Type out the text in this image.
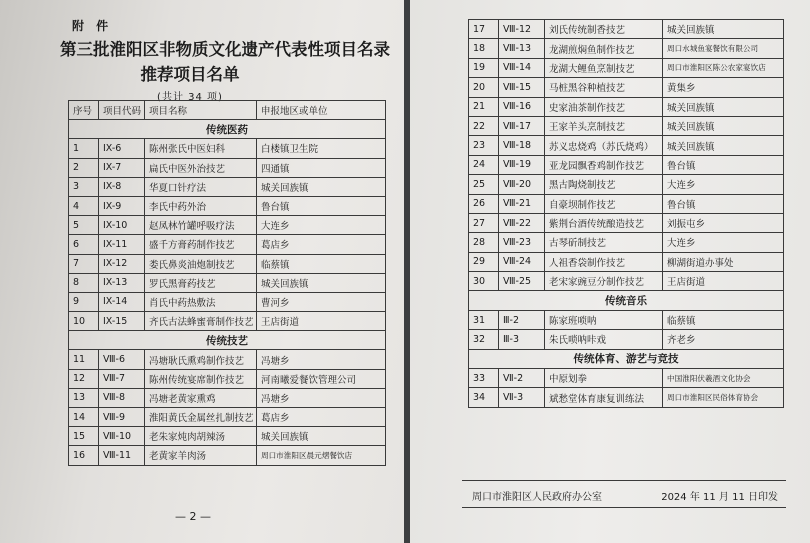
附 件
第三批淮阳区非物质文化遗产代表性项目名录
推荐项目名单
(共计 34 项)
序号	项目代码	项目名称	申报地区或单位
传统医药			
1	IX-6	陈州张氏中医妇科	白楼镇卫生院
2	IX-7	扁氏中医外治技艺	四通镇
3	IX-8	华夏口针疗法	城关回族镇
4	IX-9	李氏中药外治	鲁台镇
5	IX-10	赵凤林竹罐呼吸疗法	大连乡
6	IX-11	盛千方膏药制作技艺	葛店乡
7	IX-12	娄氏鼻炎油炮制技艺	临蔡镇
8	IX-13	罗氏黑膏药技艺	城关回族镇
9	IX-14	肖氏中药热敷法	曹河乡
10	IX-15	齐氏古法蜂蜜膏制作技艺	王店街道
传统技艺			
11	Ⅷ-6	冯塘耿氏熏鸡制作技艺	冯塘乡
12	Ⅷ-7	陈州传统宴席制作技艺	河南曦爱餐饮管理公司
13	Ⅷ-8	冯塘老黄家熏鸡	冯塘乡
14	Ⅷ-9	淮阳黄氏金属丝扎制技艺	葛店乡
15	Ⅷ-10	老朱家炖肉胡辣汤	城关回族镇
16	Ⅷ-11	老黄家羊肉汤	周口市淮阳区晨元熠餐饮店
— 2 —
17	Ⅷ-12	刘氏传统制香技艺	城关回族镇
18	Ⅷ-13	龙湖煎焖鱼制作技艺	周口水城鱼宴餐饮有限公司
19	Ⅷ-14	龙湖大鲤鱼烹制技艺	周口市淮阳区陈公农家宴饮店
20	Ⅷ-15	马桩黑谷种植技艺	黄集乡
21	Ⅷ-16	史家油茶制作技艺	城关回族镇
22	Ⅷ-17	王家羊头烹制技艺	城关回族镇
23	Ⅷ-18	苏义忠烧鸡（苏氏烧鸡）	城关回族镇
24	Ⅷ-19	亚龙园飘香鸡制作技艺	鲁台镇
25	Ⅷ-20	黑古陶烧制技艺	大连乡
26	Ⅷ-21	自豪坝制作技艺	鲁台镇
27	Ⅷ-22	紫荆台酒传统酿造技艺	刘振屯乡
28	Ⅷ-23	古琴斫制技艺	大连乡
29	Ⅷ-24	人祖香袋制作技艺	柳湖街道办事处
30	Ⅷ-25	老宋家豌豆分制作技艺	王店街道
传统音乐			
31	Ⅲ-2	陈家班唢呐	临蔡镇
32	Ⅲ-3	朱氏唢呐咔戏	齐老乡
传统体育、游艺与竞技			
33	Ⅶ-2	中原划拳	中国淮阳伏羲酒文化协会
34	Ⅶ-3	斌愁堂体育康复训练法	周口市淮阳区民俗体育协会
周口市淮阳区人民政府办公室	2024 年 11 月 11 日印发
